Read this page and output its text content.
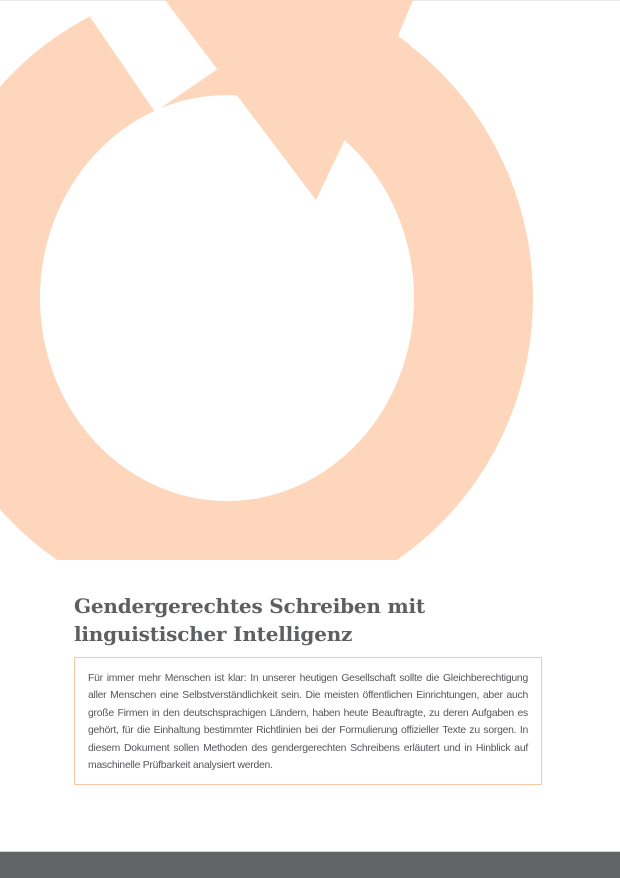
Gendergerechtes Schreiben mit
linguistischer Intelligenz

Für immer mehr Menschen ist klar: In unserer heutigen Gesellschaft sollte die Gleichberechtigung aller Menschen eine Selbstverständlichkeit sein. Die meisten öffentlichen Einrichtungen, aber auch große Firmen in den deutschsprachigen Ländern, haben heute Beauftragte, zu deren Aufgaben es gehört, für die Einhaltung bestimmter Richtlinien bei der Formulierung offizieller Texte zu sorgen. In diesem Dokument sollen Methoden des gendergerechten Schreibens erläutert und in Hinblick auf maschinelle Prüfbarkeit analysiert werden.
